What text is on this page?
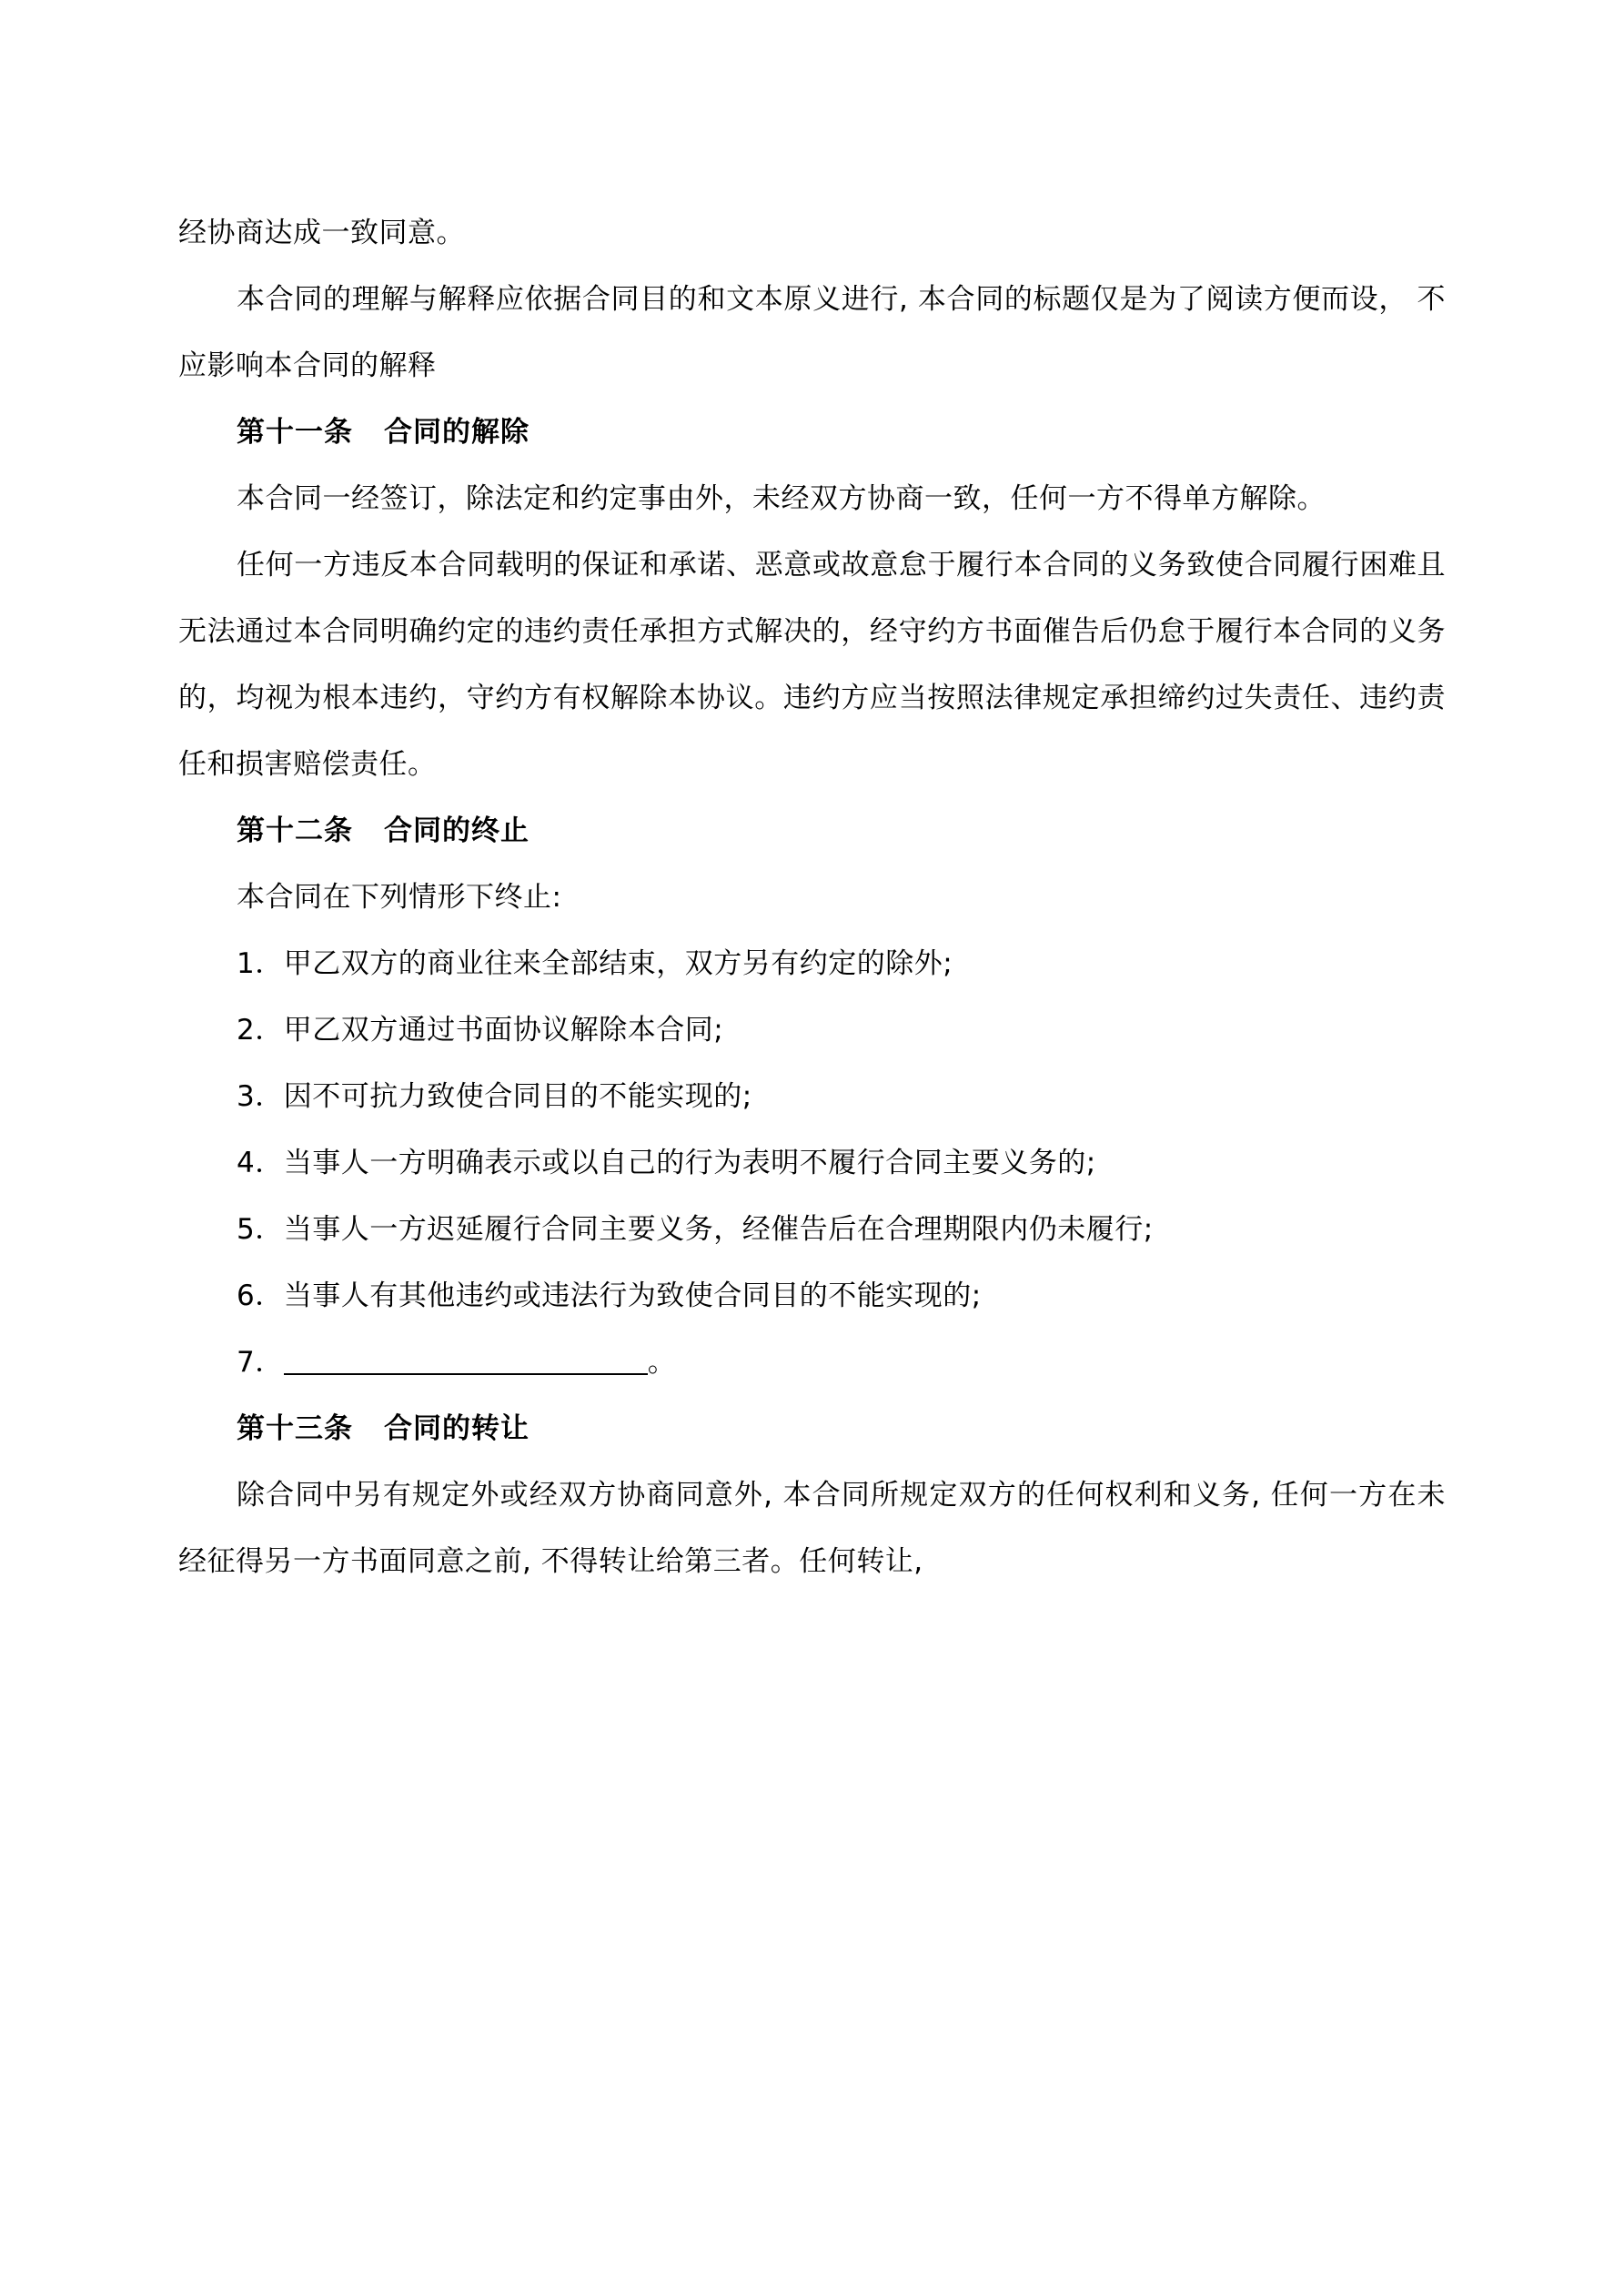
经协商达成一致同意。

本合同的理解与解释应依据合同目的和文本原义进行, 本合同的标题仅是为了阅读方便而设， 不应影响本合同的解释

第十一条 合同的解除

本合同一经签订，除法定和约定事由外，未经双方协商一致，任何一方不得单方解除。

任何一方违反本合同载明的保证和承诺、恶意或故意怠于履行本合同的义务致使合同履行困难且无法通过本合同明确约定的违约责任承担方式解决的，经守约方书面催告后仍怠于履行本合同的义务的，均视为根本违约，守约方有权解除本协议。违约方应当按照法律规定承担缔约过失责任、违约责任和损害赔偿责任。

第十二条 合同的终止

本合同在下列情形下终止:

1．甲乙双方的商业往来全部结束，双方另有约定的除外;

2．甲乙双方通过书面协议解除本合同;

3．因不可抗力致使合同目的不能实现的;

4．当事人一方明确表示或以自己的行为表明不履行合同主要义务的;

5．当事人一方迟延履行合同主要义务，经催告后在合理期限内仍未履行;

6．当事人有其他违约或违法行为致使合同目的不能实现的;

7．	。

第十三条 合同的转让

除合同中另有规定外或经双方协商同意外, 本合同所规定双方的任何权利和义务, 任何一方在未经征得另一方书面同意之前, 不得转让给第三者。任何转让,
